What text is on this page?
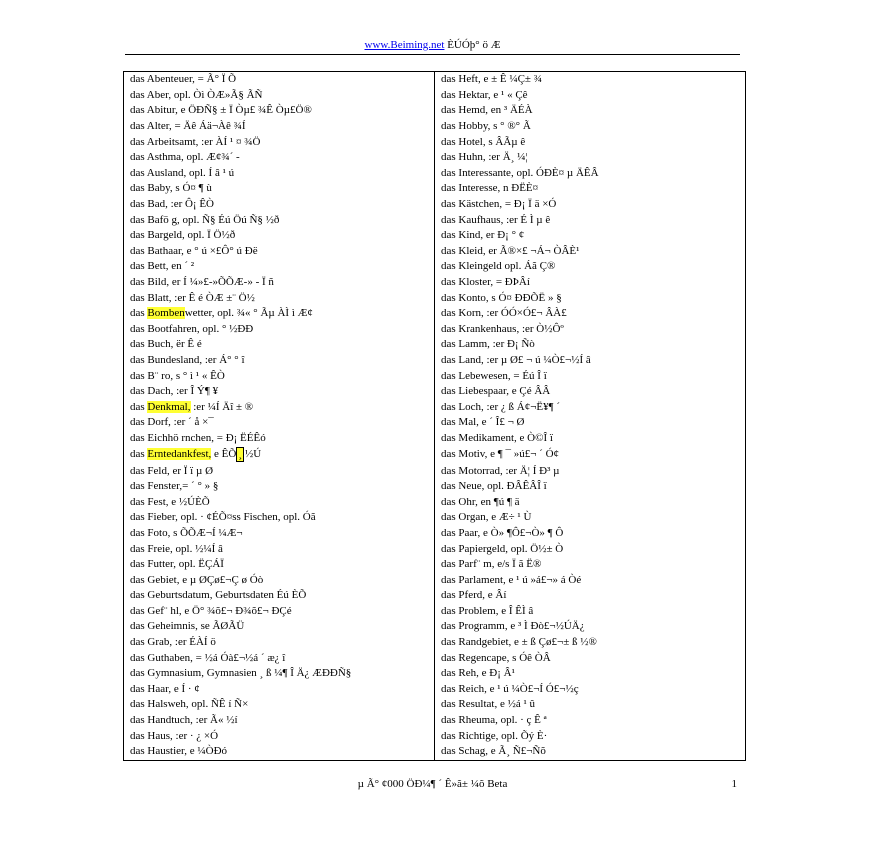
www.Beiming.net ÈÚÓþ° ö Æ
das Abenteuer, = Ã° Ï Õ	das Heft, e ± Ê ¼Ç± ¾
das Aber, opl. Òì ÒÆ»Ã§ ÃÑ	das Hektar, e ¹ « Çê
das Abitur, e ÖÐÑ§ ± Ï Òµ£ ¾Ê Òµ£Ö®	das Hemd, en ³ ÄÉÀ
das Alter, = Äê Áä¬Àê ¾Í	das Hobby, s ° ®° Ã
das Arbeitsamt, :er ÀÍ ¹ ¤ ¾Ö	das Hotel, s ÂÃµ ê
das Asthma, opl. Æ¢¾´ -	das Huhn, :er Ä¸ ¼¦
das Ausland, opl. Í â ¹ ú	das Interessante, opl. ÓÐÈ¤ µ ÄÊÂ
das Baby, s Ó¤ ¶ ù	das Interesse, n ÐËÈ¤
das Bad, :er Ô¡ ÊÒ	das Kästchen, = Ð¡ Ï ä ×Ó
das Bafö g, opl. Ñ§ Éú Öú Ñ§ ½ð	das Kaufhaus, :er É Ì µ ê
das Bargeld, opl. Ï Ö½ð	das Kind, er Ð¡ ° ¢
das Bathaar, e ° ú ×£Ô° ú Ðë	das Kleid, er Ã®×£ ¬Á¬ ÒÂÈ¹
das Bett, en ´ ²	das Kleingeld opl. Áã Ç®
das Bild, er Í ¼»£-»ÕÕÆ-» - Ï ñ	das Kloster, = ÐÞÂí
das Blatt, :er Ê é ÒÆ ±¨ Ö½	das Konto, s Ó¤ ÐÐÕË » §
das Bombenwetter, opl. ¾« ° Ãµ ÀÌ ì Æ¢	das Korn, :er ÓÓ×Ó£¬ ÂÀ£
das Bootfahren, opl. ° ½ÐÐ	das Krankenhaus, :er Ò½Ôº
das Buch, ër Ê é	das Lamm, :er Ð¡ Ñò
das Bundesland, :er Á° ° î	das Land, :er µ Ø£ ¬ ú ¼Ò£¬½Í â
das B¨ ro, s ° ì ¹ « ÊÒ	das Lebewesen, = Éú Î ï
das Dach, :er Î Ý¶ ¥	das Liebespaar, e Çé ÂÂ
das Denkmal, :er ¼Í Äî ± ®	das Loch, :er ¿ ß Á¢¬Ë¥¶ ´
das Dorf, :er ´ å ×¯	das Mal, e ´ Î£ ¬ Ø
das Eichhö rnchen, = Ð¡ ËÉÊó	das Medikament, e Ò©Î ï
das Erntedankfest, e ÊÕ ¸½Ú	das Motiv, e ¶ ¯ »ú£¬ ´ Ó¢
das Feld, er Ï ï µ Ø	das Motorrad, :er Ä¦ Í Ð³ µ
das Fenster,= ´ ° » §	das Neue, opl. ÐÂÊÂÎ ï
das Fest, e ½ÚÈÕ	das Ohr, en ¶ú ¶ ä
das Fieber, opl. · ¢ÉÕ¤ss Fischen, opl. Óã	das Organ, e Æ÷ ¹ Ù
das Foto, s ÕÕÆ¬Í ¼Æ¬	das Paar, e Ò» ¶Ô£¬Ò» ¶ Ô
das Freie, opl. ½¼Í â	das Papiergeld, opl. Ö½± Ò
das Futter, opl. ËÇÁÏ	das Parf¨ m, e/s Ï ã Ë®
das Gebiet, e µ ØÇø£¬Ç ø Óò	das Parlament, e ¹ ú »á£¬» á Òé
das Geburtsdatum, Geburtsdaten Éú ÈÕ	das Pferd, e Âí
das Gef¨ hl, e Ö° ¾õ£¬ Ð¾õ£¬ ÐÇé	das Problem, e Î ÊÌ â
das Geheimnis, se ÃØÃÜ	das Programm, e ³ Ì Ðò£¬½ÚÄ¿
das Grab, :er ÉÀÍ ö	das Randgebiet, e ± ß Çø£¬± ß ½®
das Guthaben, = ½á Óà£¬½á ´ æ¿ î	das Regencape, s Óê ÒÂ
das Gymnasium, Gymnasien ¸ ß ¼¶ Î Ä¿ ÆÐÐÑ§	das Reh, e Ð¡ Â¹
das Haar, e Í · ¢	das Reich, e ¹ ú ¼Ò£¬Í Ó£¬½ç
das Halsweh, opl. ÑÊ í Ñ×	das Resultat, e ½á ¹ û
das Handtuch, :er Ã« ½í	das Rheuma, opl. · ç Ê ª
das Haus, :er · ¿ ×Ó	das Richtige, opl. Õý È·
das Haustier, e ¼ÒÐó	das Schag, e Ã¸ Ñ£¬Ñõ
µ Ã° ¢000 ÖÐ¼¶ ´ Ê»ã± ¼õ Beta	1
